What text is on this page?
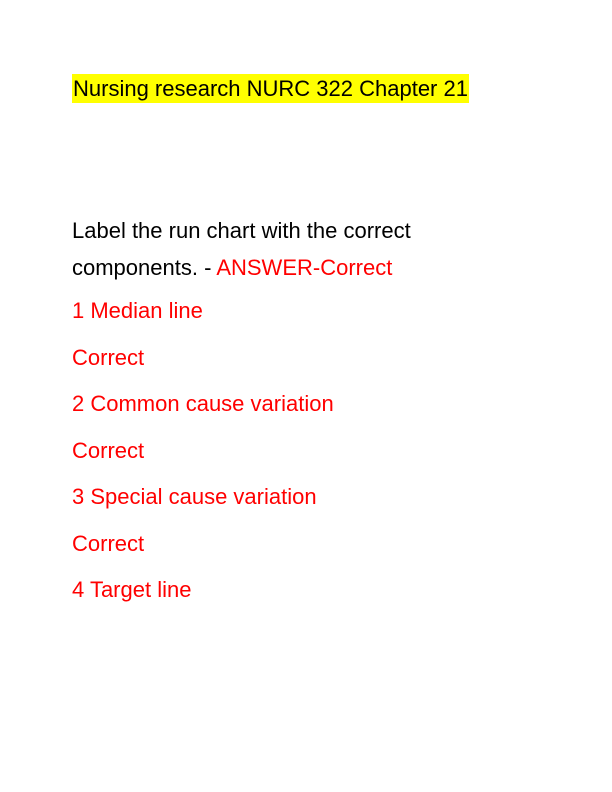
Nursing research NURC 322 Chapter 21
Label the run chart with the correct components. - ANSWER-Correct
1 Median line
Correct
2 Common cause variation
Correct
3 Special cause variation
Correct
4 Target line
